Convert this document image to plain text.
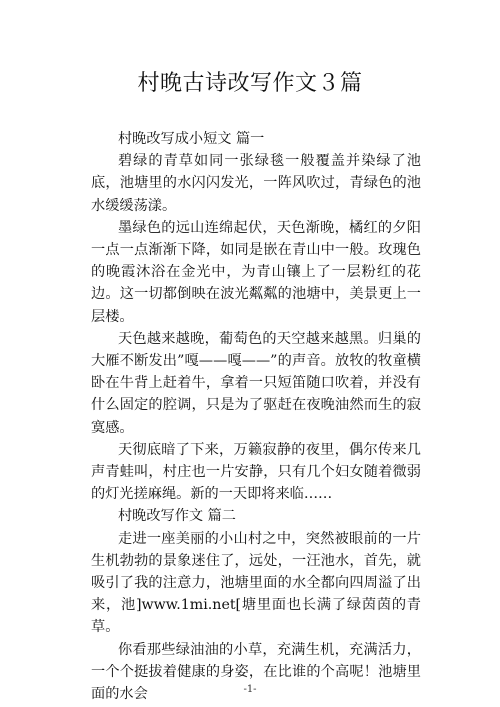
村晚古诗改写作文３篇
村晚改写成小短文 篇一

碧绿的青草如同一张绿毯一般覆盖并染绿了池底，池塘里的水闪闪发光，一阵风吹过，青绿色的池水缓缓荡漾。

墨绿色的远山连绵起伏，天色渐晚，橘红的夕阳一点一点渐渐下降，如同是嵌在青山中一般。玫瑰色的晚霞沐浴在金光中，为青山镶上了一层粉红的花边。这一切都倒映在波光粼粼的池塘中，美景更上一层楼。

天色越来越晚，葡萄色的天空越来越黑。归巢的大雁不断发出”嘎——嘎——”的声音。放牧的牧童横卧在牛背上赶着牛，拿着一只短笛随口吹着，并没有什么固定的腔调，只是为了驱赶在夜晚油然而生的寂寞感。

天彻底暗了下来，万籁寂静的夜里，偶尔传来几声青蛙叫，村庄也一片安静，只有几个妇女随着微弱的灯光搓麻绳。新的一天即将来临……

村晚改写作文 篇二

走进一座美丽的小山村之中，突然被眼前的一片生机勃勃的景象迷住了，远处，一汪池水，首先，就吸引了我的注意力，池塘里面的水全都向四周溢了出来，池]www.1mi.net[塘里面也长满了绿茵茵的青草。

你看那些绿油油的小草，充满生机，充满活力，一个个挺拔着健康的身姿，在比谁的个高呢！池塘里面的水会	-1-
